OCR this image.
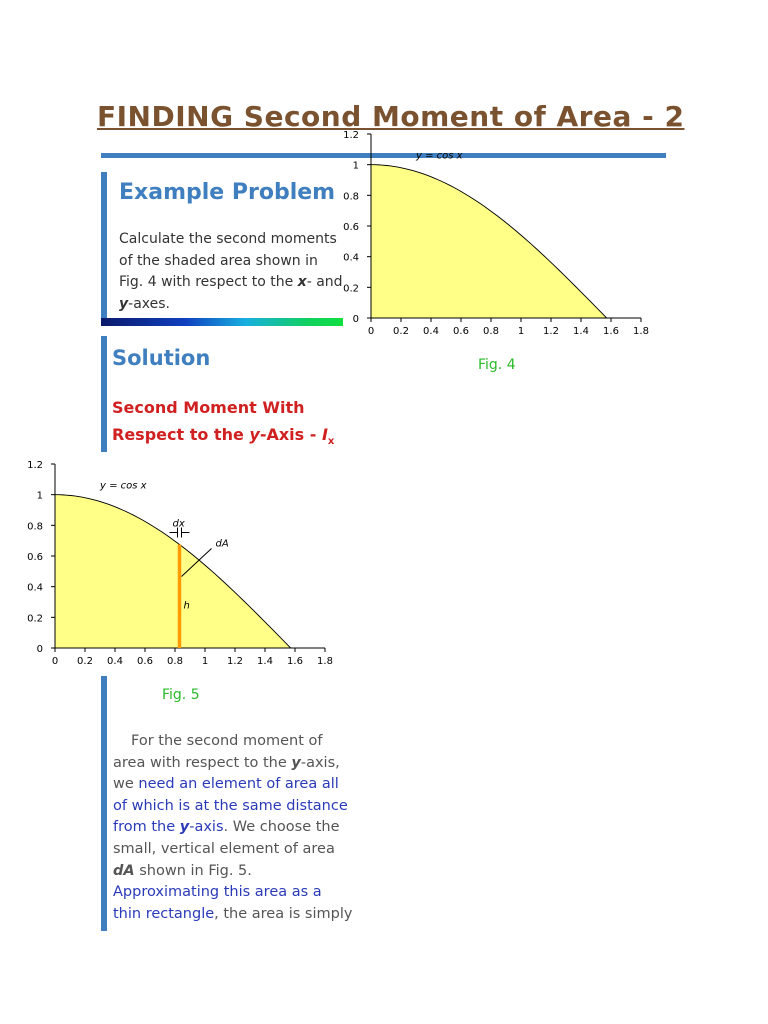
FINDING Second Moment of Area - 2
Example Problem
Calculate the second moments of the shaded area shown in Fig. 4 with respect to the x- and y-axes.
Solution
Second Moment With Respect to the y-Axis - $I_x$
0 0.2 0.4 0.6 0.8 1 1.2 1.4 1.6 1.8
0
0.2
0.4
0.6
0.8
1
1.2
y = cos x
Fig. 4
0 0.2 0.4 0.6 0.8 1 1.2 1.4 1.6 1.8
0
0.2
0.4
0.6
0.8
1
1.2
y = cos x
dx
dA
h
Fig. 5
For the second moment of area with respect to the y-axis, we need an element of area all of which is at the same distance from the y-axis. We choose the small, vertical element of area dA shown in Fig. 5. Approximating this area as a thin rectangle, the area is simply
